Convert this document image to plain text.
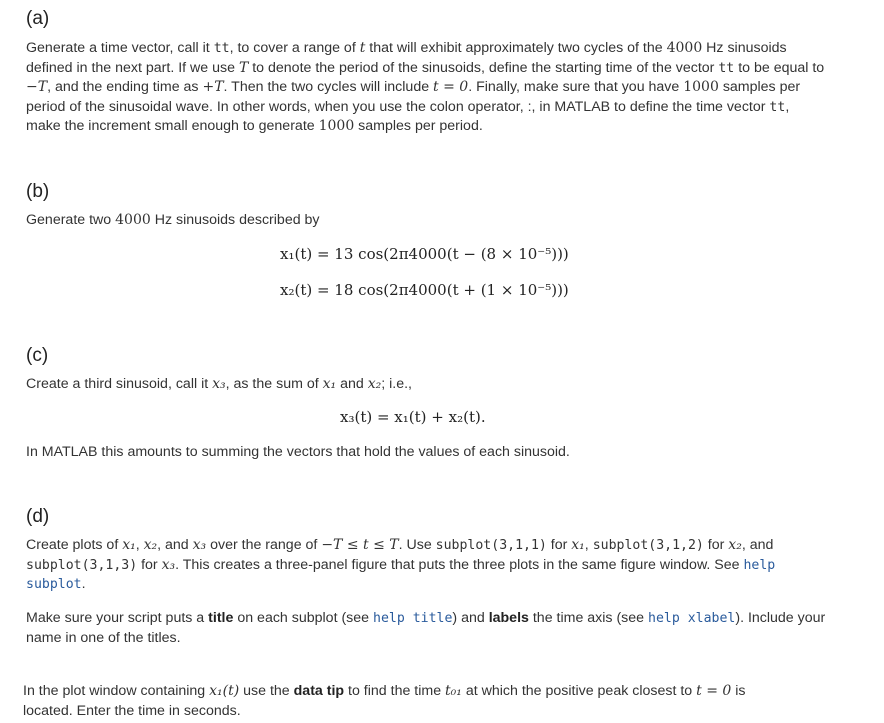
(a)

Generate a time vector, call it tt, to cover a range of t that will exhibit approximately two cycles of the 4000 Hz sinusoids defined in the next part. If we use T to denote the period of the sinusoids, define the starting time of the vector tt to be equal to −T, and the ending time as +T. Then the two cycles will include t = 0. Finally, make sure that you have 1000 samples per period of the sinusoidal wave. In other words, when you use the colon operator, :, in MATLAB to define the time vector tt, make the increment small enough to generate 1000 samples per period.

(b)

Generate two 4000 Hz sinusoids described by

x₁(t) = 13 cos(2π4000(t − (8 × 10⁻⁵)))
x₂(t) = 18 cos(2π4000(t + (1 × 10⁻⁵)))
(c)

Create a third sinusoid, call it x₃, as the sum of x₁ and x₂; i.e.,

x₃(t) = x₁(t) + x₂(t).

In MATLAB this amounts to summing the vectors that hold the values of each sinusoid.

(d)

Create plots of x₁, x₂, and x₃ over the range of −T ≤ t ≤ T. Use subplot(3,1,1) for x₁, subplot(3,1,2) for x₂, and subplot(3,1,3) for x₃. This creates a three-panel figure that puts the three plots in the same figure window. See help subplot.

Make sure your script puts a title on each subplot (see help title) and labels the time axis (see help xlabel). Include your name in one of the titles.

In the plot window containing x₁(t) use the data tip to find the time t₀₁ at which the positive peak closest to t = 0 is located. Enter the time in seconds.
